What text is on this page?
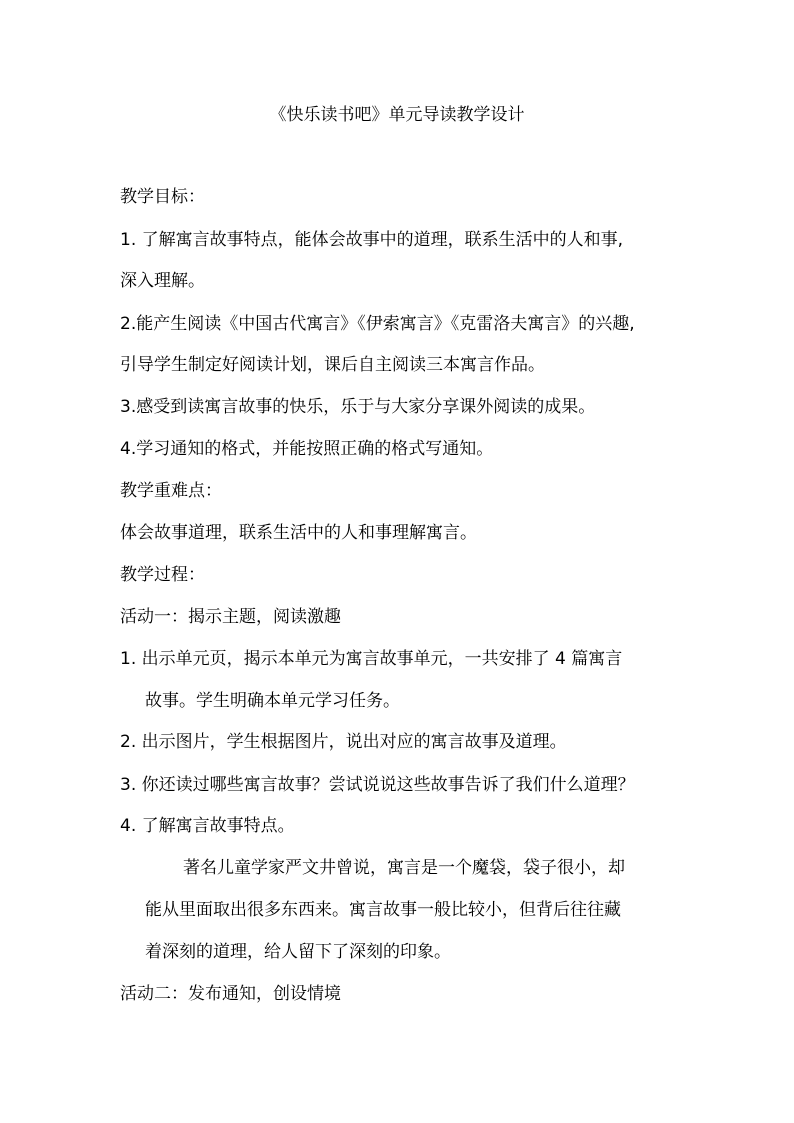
《快乐读书吧》单元导读教学设计
教学目标：
1. 了解寓言故事特点，能体会故事中的道理，联系生活中的人和事,
深入理解。
2.能产生阅读《中国古代寓言》《伊索寓言》《克雷洛夫寓言》的兴趣,
引导学生制定好阅读计划，课后自主阅读三本寓言作品。
3.感受到读寓言故事的快乐，乐于与大家分享课外阅读的成果。
4.学习通知的格式，并能按照正确的格式写通知。
教学重难点：
体会故事道理，联系生活中的人和事理解寓言。
教学过程：
活动一：揭示主题，阅读激趣
1. 出示单元页，揭示本单元为寓言故事单元，一共安排了 4 篇寓言
故事。学生明确本单元学习任务。
2. 出示图片，学生根据图片，说出对应的寓言故事及道理。
3. 你还读过哪些寓言故事？尝试说说这些故事告诉了我们什么道理？
4. 了解寓言故事特点。
著名儿童学家严文井曾说，寓言是一个魔袋，袋子很小，却
能从里面取出很多东西来。寓言故事一般比较小，但背后往往藏
着深刻的道理，给人留下了深刻的印象。
活动二：发布通知，创设情境
